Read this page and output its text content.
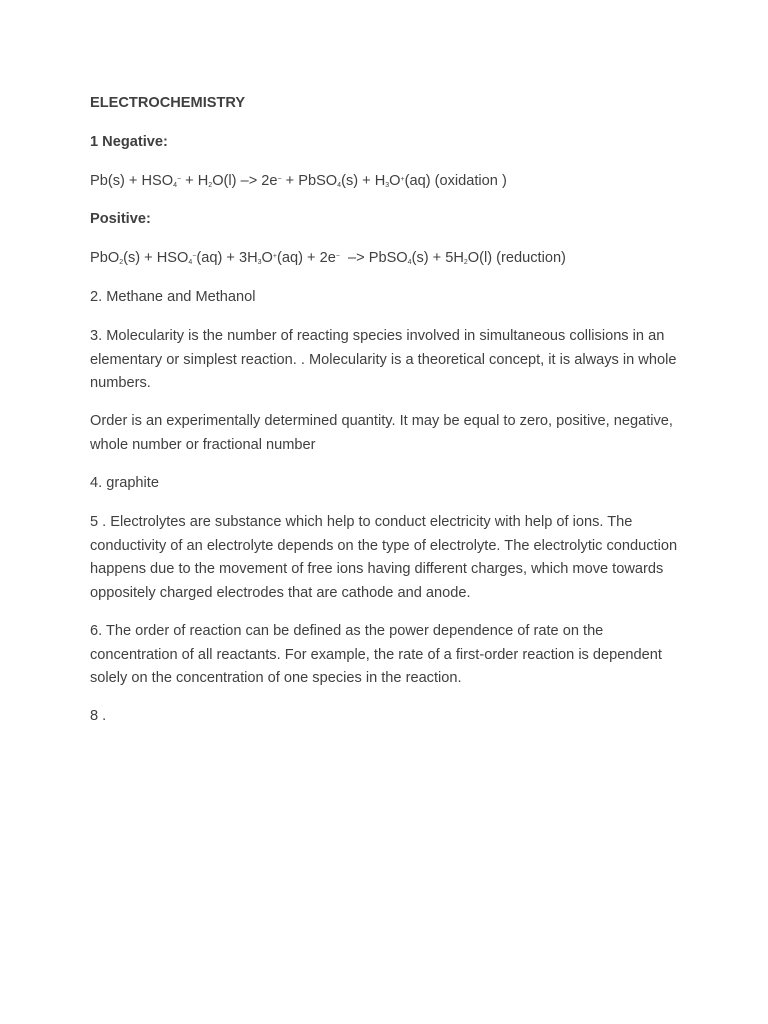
ELECTROCHEMISTRY

1 Negative:

$Pb(s) + HSO_4^- + H_2O(l) -> 2e^-$ + PbSO$_4$(s) + $H_3O^+(aq)$ (oxidation )

Positive:

$PbO_2(s) + HSO_4^-(aq) + 3H_3O^+(aq) + 2e^-$  –> PbSO$_4$(s) + $5H_2O(l)$ (reduction)

2. Methane and Methanol

3. Molecularity is the number of reacting species involved in simultaneous collisions in an elementary or simplest reaction. . Molecularity is a theoretical concept, it is always in whole numbers.

Order is an experimentally determined quantity. It may be equal to zero, positive, negative, whole number or fractional number

4. graphite

5 . Electrolytes are substance which help to conduct electricity with help of ions. The conductivity of an electrolyte depends on the type of electrolyte. The electrolytic conduction happens due to the movement of free ions having different charges, which move towards oppositely charged electrodes that are cathode and anode.

6. The order of reaction can be defined as the power dependence of rate on the concentration of all reactants. For example, the rate of a first-order reaction is dependent solely on the concentration of one species in the reaction.

8 .
